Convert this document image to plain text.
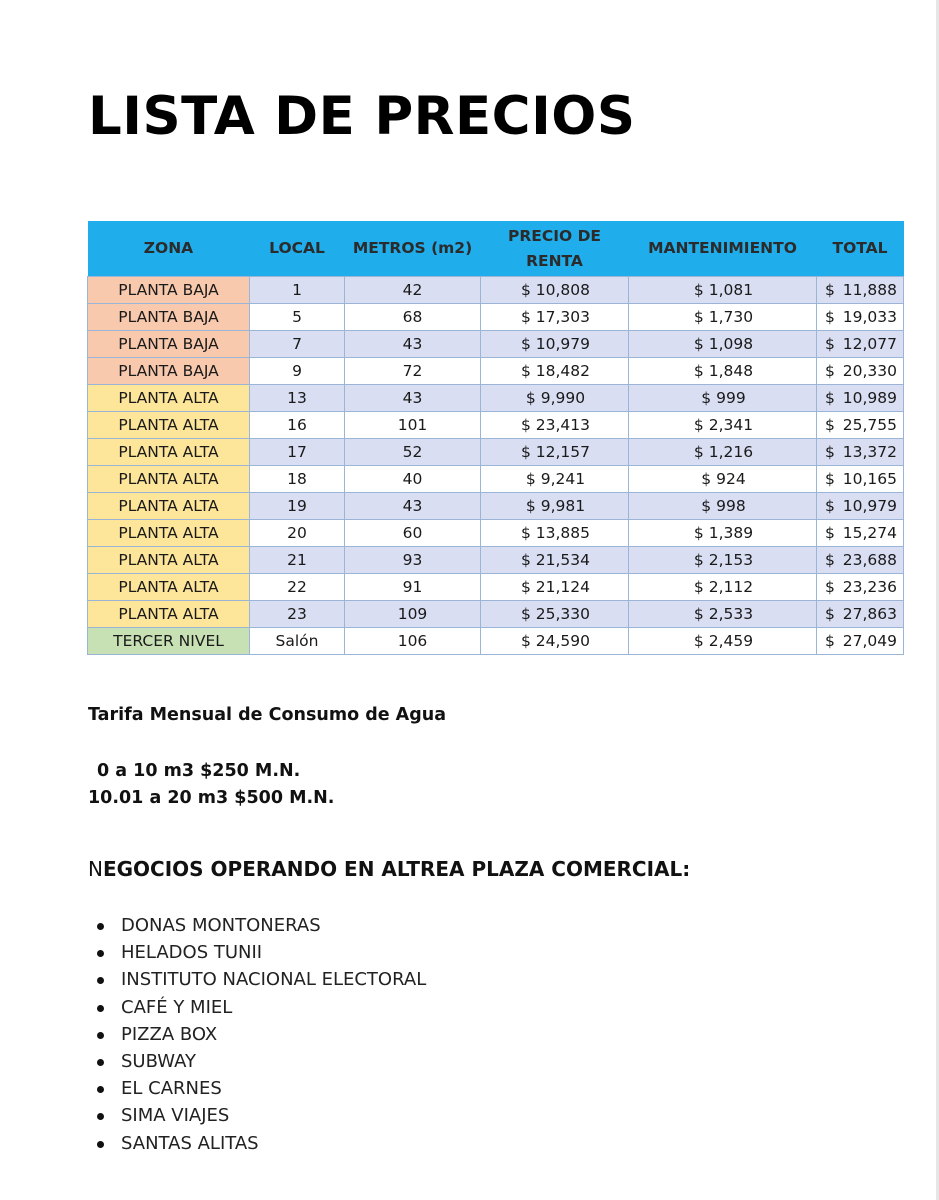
LISTA DE PRECIOS
ZONA	LOCAL	METROS (m2)	PRECIO DE RENTA	MANTENIMIENTO	TOTAL
PLANTA BAJA	1	42	$ 10,808	$ 1,081	$ 11,888

PLANTA BAJA	5	68	$ 17,303	$ 1,730	$ 19,033

PLANTA BAJA	7	43	$ 10,979	$ 1,098	$ 12,077

PLANTA BAJA	9	72	$ 18,482	$ 1,848	$ 20,330

PLANTA ALTA	13	43	$ 9,990	$ 999	$ 10,989

PLANTA ALTA	16	101	$ 23,413	$ 2,341	$ 25,755

PLANTA ALTA	17	52	$ 12,157	$ 1,216	$ 13,372

PLANTA ALTA	18	40	$ 9,241	$ 924	$ 10,165

PLANTA ALTA	19	43	$ 9,981	$ 998	$ 10,979

PLANTA ALTA	20	60	$ 13,885	$ 1,389	$ 15,274

PLANTA ALTA	21	93	$ 21,534	$ 2,153	$ 23,688

PLANTA ALTA	22	91	$ 21,124	$ 2,112	$ 23,236

PLANTA ALTA	23	109	$ 25,330	$ 2,533	$ 27,863

TERCER NIVEL	Salón	106	$ 24,590	$ 2,459	$ 27,049
Tarifa Mensual de Consumo de Agua
0 a 10 m3 $250 M.N.
10.01 a 20 m3 $500 M.N.
NEGOCIOS OPERANDO EN ALTREA PLAZA COMERCIAL:
DONAS MONTONERAS
HELADOS TUNII
INSTITUTO NACIONAL ELECTORAL
CAFÉ Y MIEL
PIZZA BOX
SUBWAY
EL CARNES
SIMA VIAJES
SANTAS ALITAS
